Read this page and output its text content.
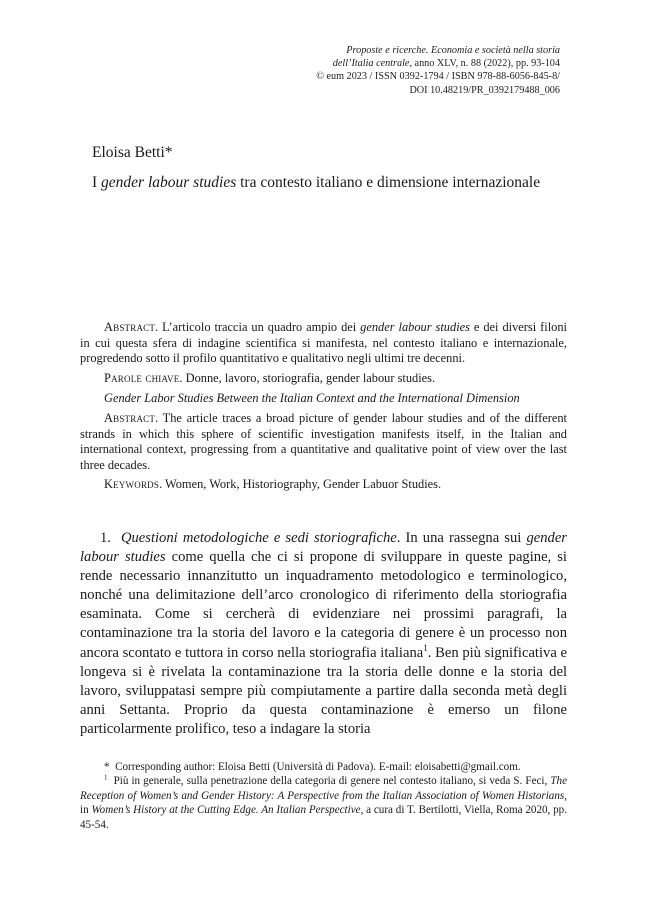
Proposte e ricerche. Economia e società nella storia
dell’Italia centrale, anno XLV, n. 88 (2022), pp. 93-104
© eum 2023 / ISSN 0392-1794 / ISBN 978-88-6056-845-8/
DOI 10.48219/PR_0392179488_006
Eloisa Betti*
I gender labour studies tra contesto italiano e dimensione internazionale

Abstract. L’articolo traccia un quadro ampio dei gender labour studies e dei diversi filoni in cui questa sfera di indagine scientifica si manifesta, nel contesto italiano e internazionale, progredendo sotto il profilo quantitativo e qualitativo negli ultimi tre decenni.

Parole chiave. Donne, lavoro, storiografia, gender labour studies.

Gender Labor Studies Between the Italian Context and the International Dimension

Abstract. The article traces a broad picture of gender labour studies and of the different strands in which this sphere of scientific investigation manifests itself, in the Italian and international context, progressing from a quantitative and qualitative point of view over the last three decades.

Keywords. Women, Work, Historiography, Gender Labuor Studies.

1. Questioni metodologiche e sedi storiografiche. In una rassegna sui gender labour studies come quella che ci si propone di sviluppare in queste pagine, si rende necessario innanzitutto un inquadramento metodologico e terminologico, nonché una delimitazione dell’arco cronologico di riferimento della storiografia esaminata. Come si cercherà di evidenziare nei prossimi paragrafi, la contaminazione tra la storia del lavoro e la categoria di genere è un processo non ancora scontato e tuttora in corso nella storiografia italiana$^1$. Ben più significativa e longeva si è rivelata la contaminazione tra la storia delle donne e la storia del lavoro, sviluppatasi sempre più compiutamente a partire dalla seconda metà degli anni Settanta. Proprio da questa contaminazione è emerso un filone particolarmente prolifico, teso a indagare la storia

* Corresponding author: Eloisa Betti (Università di Padova). E-mail: eloisabetti@gmail.com.

$^1$ Più in generale, sulla penetrazione della categoria di genere nel contesto italiano, si veda S. Feci, The Reception of Women’s and Gender History: A Perspective from the Italian Association of Women Historians, in Women’s History at the Cutting Edge. An Italian Perspective, a cura di T. Bertilotti, Viella, Roma 2020, pp. 45-54.
